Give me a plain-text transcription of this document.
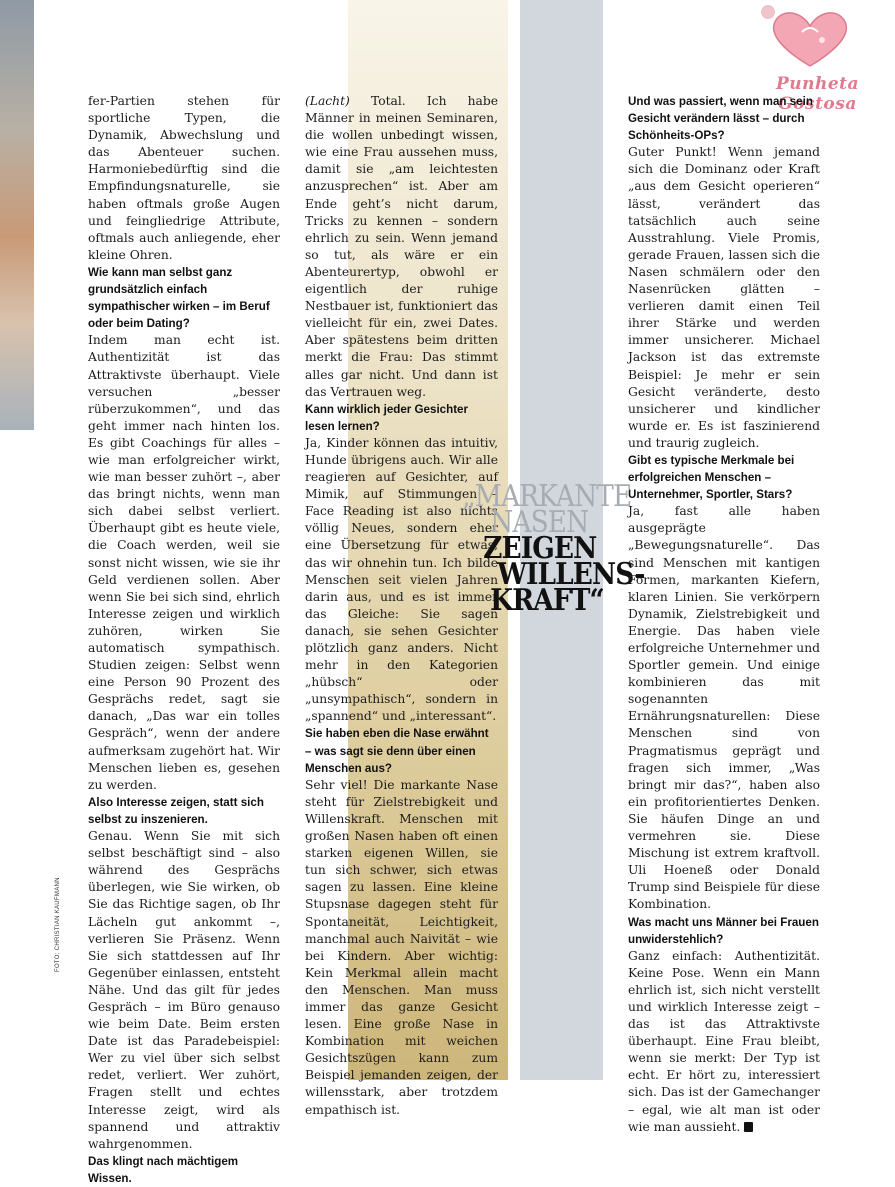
Punheta Gostosa
FOTO: CHRISTIAN KAUFMANN

fer-Partien stehen für sportliche Typen, die Dynamik, Abwechslung und das Abenteuer suchen. Harmoniebedürftig sind die Empfindungsnaturelle, sie haben oftmals große Augen und feingliedrige Attribute, oftmals auch anliegende, eher kleine Ohren.

Wie kann man selbst ganz grundsätzlich einfach sympathischer wirken – im Beruf oder beim Dating?

Indem man echt ist. Authentizität ist das Attraktivste überhaupt. Viele versuchen „besser rüberzukommen“, und das geht immer nach hinten los. Es gibt Coachings für alles – wie man erfolgreicher wirkt, wie man besser zuhört –, aber das bringt nichts, wenn man sich dabei selbst verliert. Überhaupt gibt es heute viele, die Coach werden, weil sie sonst nicht wissen, wie sie ihr Geld verdienen sollen. Aber wenn Sie bei sich sind, ehrlich Interesse zeigen und wirklich zuhören, wirken Sie automatisch sympathisch. Studien zeigen: Selbst wenn eine Person 90 Prozent des Gesprächs redet, sagt sie danach, „Das war ein tolles Gespräch“, wenn der andere aufmerksam zugehört hat. Wir Menschen lieben es, gesehen zu werden.

Also Interesse zeigen, statt sich selbst zu inszenieren.

Genau. Wenn Sie mit sich selbst beschäftigt sind – also während des Gesprächs überlegen, wie Sie wirken, ob Sie das Richtige sagen, ob Ihr Lächeln gut ankommt –, verlieren Sie Präsenz. Wenn Sie sich stattdessen auf Ihr Gegenüber einlassen, entsteht Nähe. Und das gilt für jedes Gespräch – im Büro genauso wie beim Date. Beim ersten Date ist das Paradebeispiel: Wer zu viel über sich selbst redet, verliert. Wer zuhört, Fragen stellt und echtes Interesse zeigt, wird als spannend und attraktiv wahrgenommen.

Das klingt nach mächtigem Wissen.

(Lacht) Total. Ich habe Männer in meinen Seminaren, die wollen unbedingt wissen, wie eine Frau aussehen muss, damit sie „am leichtesten anzusprechen“ ist. Aber am Ende geht’s nicht darum, Tricks zu kennen – sondern ehrlich zu sein. Wenn jemand so tut, als wäre er ein Abenteurertyp, obwohl er eigentlich der ruhige Nestbauer ist, funktioniert das vielleicht für ein, zwei Dates. Aber spätestens beim dritten merkt die Frau: Das stimmt alles gar nicht. Und dann ist das Vertrauen weg.

Kann wirklich jeder Gesichter lesen lernen?

Ja, Kinder können das intuitiv, Hunde übrigens auch. Wir alle reagieren auf Gesichter, auf Mimik, auf Stimmungen – Face Reading ist also nichts völlig Neues, sondern eher eine Übersetzung für etwas, das wir ohnehin tun. Ich bilde Menschen seit vielen Jahren darin aus, und es ist immer das Gleiche: Sie sagen danach, sie sehen Gesichter plötzlich ganz anders. Nicht mehr in den Kategorien „hübsch“ oder „unsympathisch“, sondern in „spannend“ und „interessant“.

Sie haben eben die Nase erwähnt – was sagt sie denn über einen Menschen aus?

Sehr viel! Die markante Nase steht für Zielstrebigkeit und Willenskraft. Menschen mit großen Nasen haben oft einen starken eigenen Willen, sie tun sich schwer, sich etwas sagen zu lassen. Eine kleine Stupsnase dagegen steht für Spontaneität, Leichtigkeit, manchmal auch Naivität – wie bei Kindern. Aber wichtig: Kein Merkmal allein macht den Menschen. Man muss immer das ganze Gesicht lesen. Eine große Nase in Kombination mit weichen Gesichtszügen kann zum Beispiel jemanden zeigen, der willensstark, aber trotzdem empathisch ist.

„MARKANTE
NASEN
ZEIGEN
WILLENS-
KRAFT“

Und was passiert, wenn man sein Gesicht verändern lässt – durch Schönheits-OPs?

Guter Punkt! Wenn jemand sich die Dominanz oder Kraft „aus dem Gesicht operieren“ lässt, verändert das tatsächlich auch seine Ausstrahlung. Viele Promis, gerade Frauen, lassen sich die Nasen schmälern oder den Nasenrücken glätten – verlieren damit einen Teil ihrer Stärke und werden immer unsicherer. Michael Jackson ist das extremste Beispiel: Je mehr er sein Gesicht veränderte, desto unsicherer und kindlicher wurde er. Es ist faszinierend und traurig zugleich.

Gibt es typische Merkmale bei erfolgreichen Menschen – Unternehmer, Sportler, Stars?

Ja, fast alle haben ausgeprägte „Bewegungsnaturelle“. Das sind Menschen mit kantigen Formen, markanten Kiefern, klaren Linien. Sie verkörpern Dynamik, Zielstrebigkeit und Energie. Das haben viele erfolgreiche Unternehmer und Sportler gemein. Und einige kombinieren das mit sogenannten Ernährungsnaturellen: Diese Menschen sind von Pragmatismus geprägt und fragen sich immer, „Was bringt mir das?“, haben also ein profitorientiertes Denken. Sie häufen Dinge an und vermehren sie. Diese Mischung ist extrem kraftvoll. Uli Hoeneß oder Donald Trump sind Beispiele für diese Kombination.

Was macht uns Männer bei Frauen unwiderstehlich?

Ganz einfach: Authentizität. Keine Pose. Wenn ein Mann ehrlich ist, sich nicht verstellt und wirklich Interesse zeigt – das ist das Attraktivste überhaupt. Eine Frau bleibt, wenn sie merkt: Der Typ ist echt. Er hört zu, interessiert sich. Das ist der Gamechanger – egal, wie alt man ist oder wie man aussieht.
